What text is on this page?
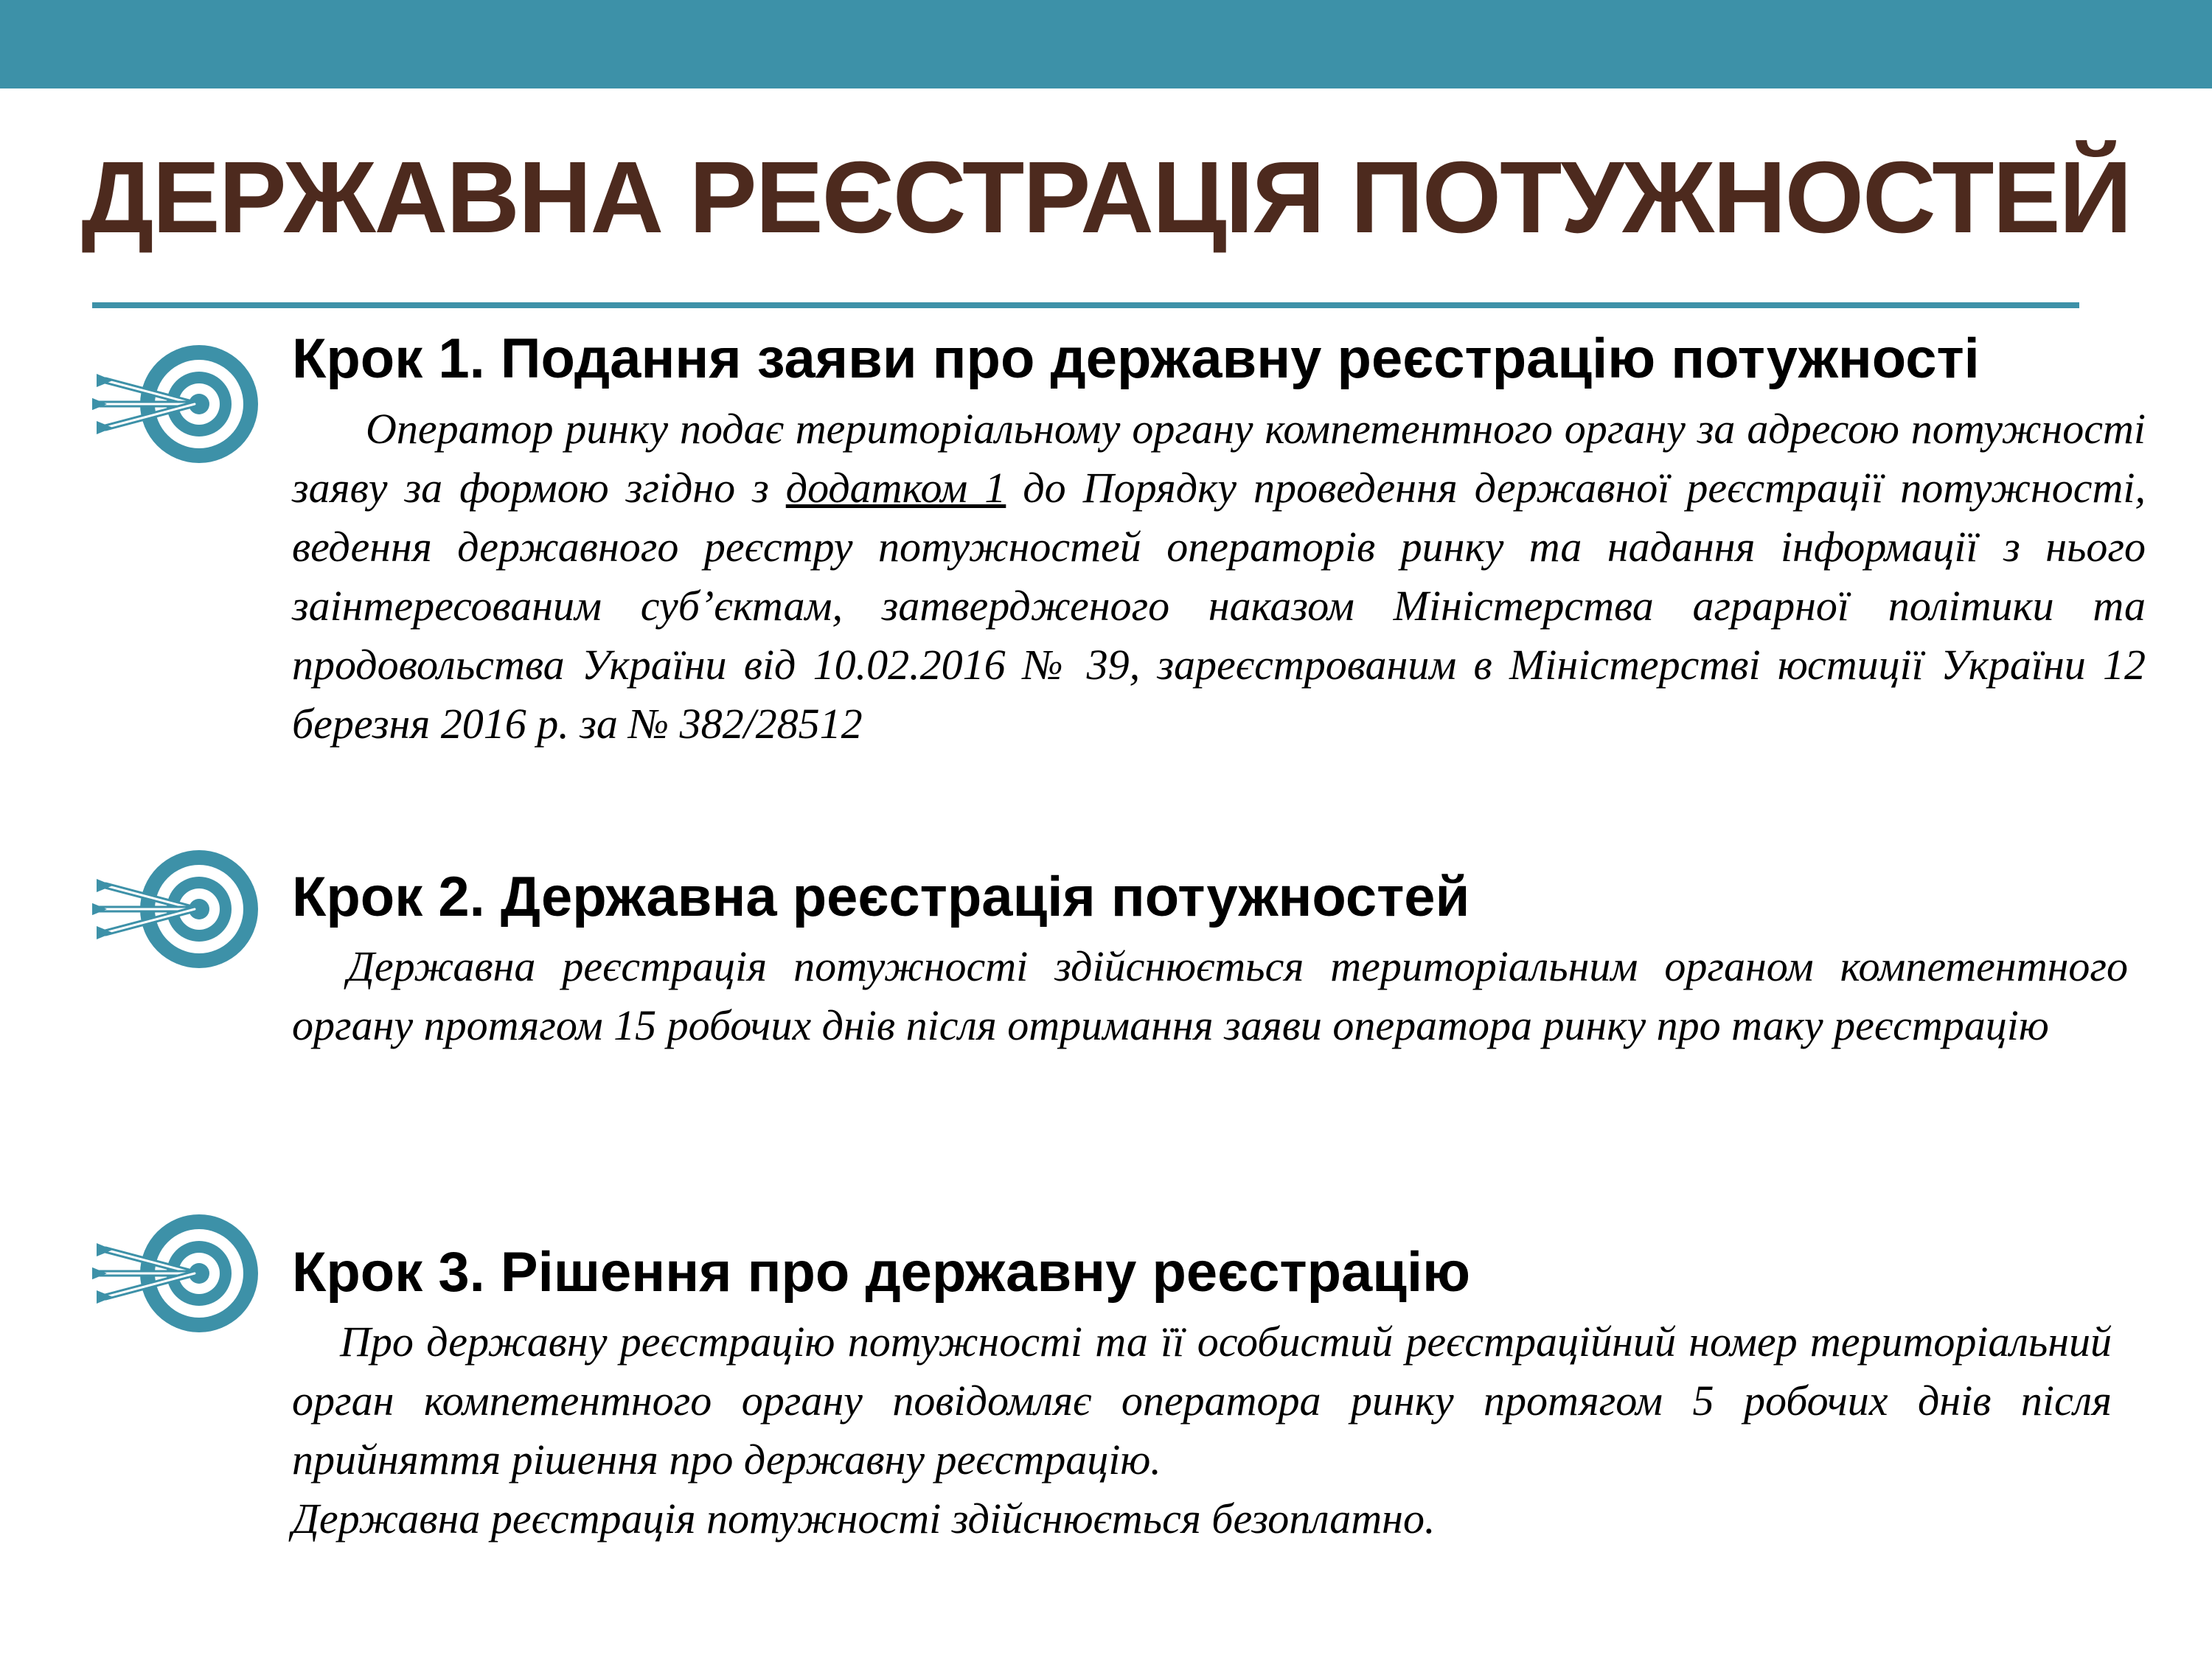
ДЕРЖАВНА РЕЄСТРАЦІЯ ПОТУЖНОСТЕЙ
Крок 1. Подання заяви про державну реєстрацію потужності

Оператор ринку подає територіальному органу компетентного органу за адресою потужності заяву за формою згідно з додатком 1 до Порядку проведення державної реєстрації потужності, ведення державного реєстру потужностей операторів ринку та надання інформації з нього заінтересованим суб’єктам, затвердженого наказом Міністерства аграрної політики та продовольства України від 10.02.2016 № 39, зареєстрованим в Міністерстві юстиції України 12 березня 2016 р. за № 382/28512

Крок 2. Державна реєстрація потужностей

Державна реєстрація потужності здійснюється територіальним органом компетентного органу протягом 15 робочих днів після отримання заяви оператора ринку про таку реєстрацію

Крок 3. Рішення про державну реєстрацію

Про державну реєстрацію потужності та її особистий реєстраційний номер територіальний орган компетентного органу повідомляє оператора ринку протягом 5 робочих днів після прийняття рішення про державну реєстрацію.

Державна реєстрація потужності здійснюється безоплатно.
